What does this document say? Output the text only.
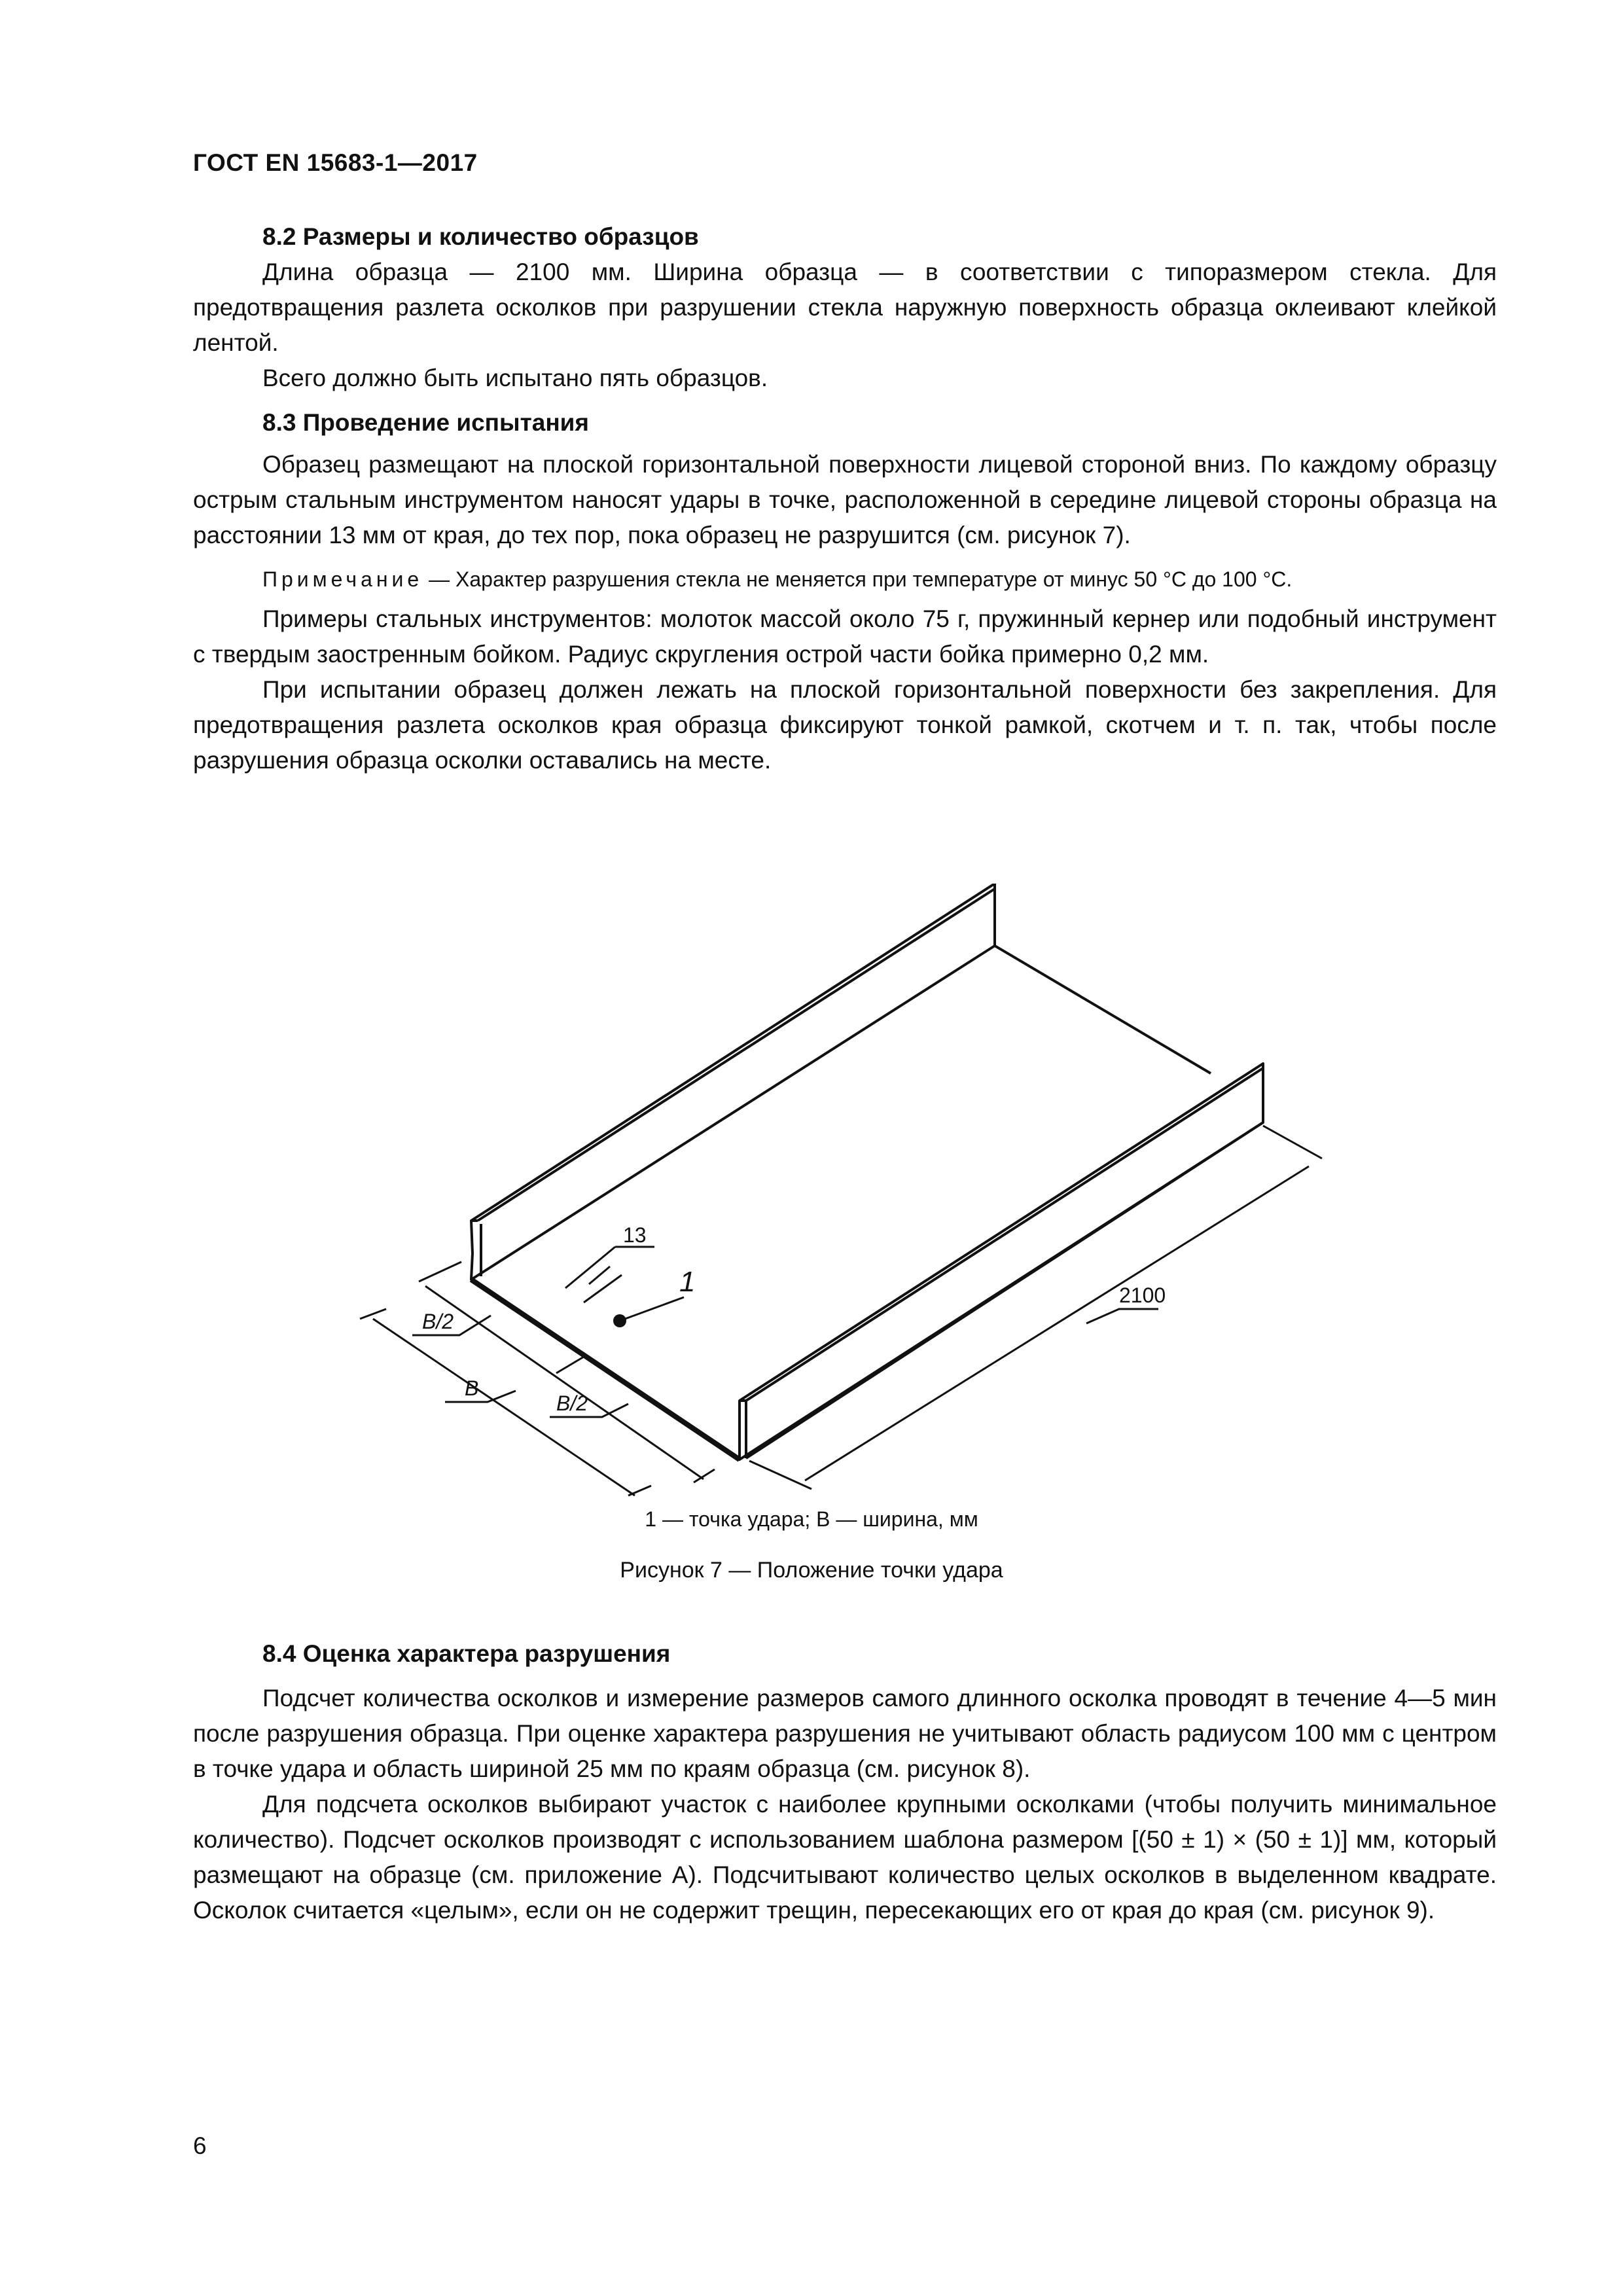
ГОСТ EN 15683-1—2017
8.2 Размеры и количество образцов

Длина образца — 2100 мм. Ширина образца — в соответствии с типоразмером стекла. Для предотвращения разлета осколков при разрушении стекла наружную поверхность образца оклеивают клейкой лентой.

Всего должно быть испытано пять образцов.

8.3 Проведение испытания

Образец размещают на плоской горизонтальной поверхности лицевой стороной вниз. По каждому образцу острым стальным инструментом наносят удары в точке, расположенной в середине лицевой стороны образца на расстоянии 13 мм от края, до тех пор, пока образец не разрушится (см. рисунок 7).

Примечание — Характер разрушения стекла не меняется при температуре от минус 50 °С до 100 °С.

Примеры стальных инструментов: молоток массой около 75 г, пружинный кернер или подобный инструмент с твердым заостренным бойком. Радиус скругления острой части бойка примерно 0,2 мм.

При испытании образец должен лежать на плоской горизонтальной поверхности без закрепления. Для предотвращения разлета осколков края образца фиксируют тонкой рамкой, скотчем и т. п. так, чтобы после разрушения образца осколки оставались на месте.

1
13
B/2
B/2
B
2100
1 — точка удара; B — ширина, мм
Рисунок 7 — Положение точки удара
8.4 Оценка характера разрушения

Подсчет количества осколков и измерение размеров самого длинного осколка проводят в течение 4—5 мин после разрушения образца. При оценке характера разрушения не учитывают область радиусом 100 мм с центром в точке удара и область шириной 25 мм по краям образца (см. рисунок 8).

Для подсчета осколков выбирают участок с наиболее крупными осколками (чтобы получить минимальное количество). Подсчет осколков производят с использованием шаблона размером [(50 ± 1) × (50 ± 1)] мм, который размещают на образце (см. приложение А). Подсчитывают количество целых осколков в выделенном квадрате. Осколок считается «целым», если он не содержит трещин, пересекающих его от края до края (см. рисунок 9).

6
